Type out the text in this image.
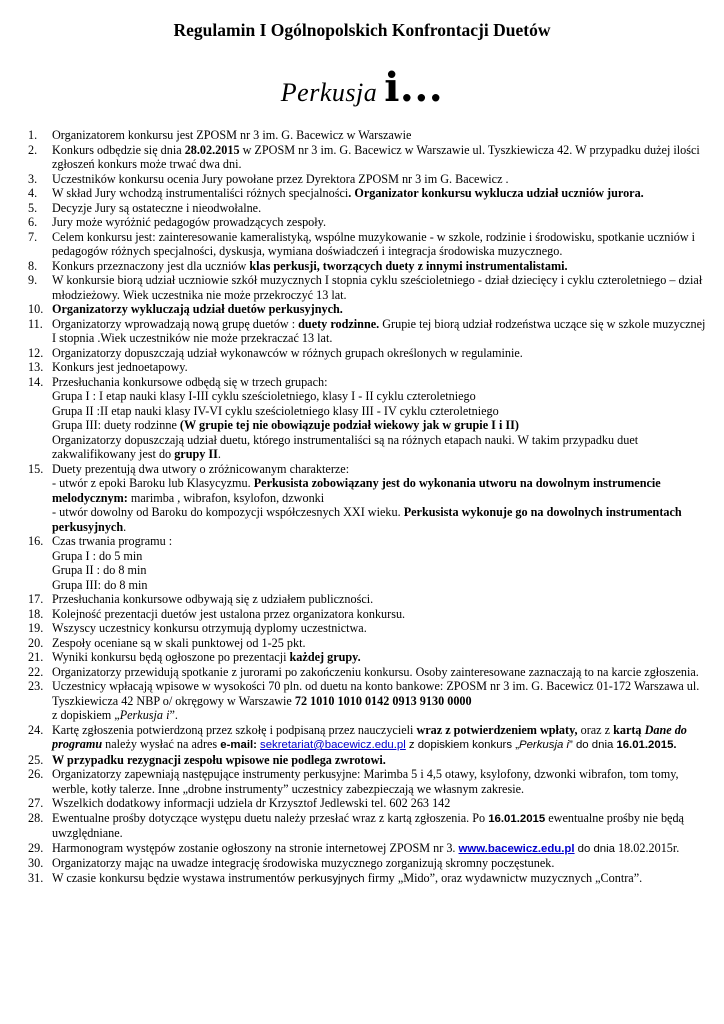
Regulamin I Ogólnopolskich Konfrontacji Duetów
Perkusja i...
1.	Organizatorem konkursu jest ZPOSM nr 3 im. G. Bacewicz w Warszawie
2.	Konkurs odbędzie się dnia 28.02.2015 w ZPOSM nr 3 im. G. Bacewicz w Warszawie ul. Tyszkiewicza 42. W przypadku dużej ilości zgłoszeń konkurs może trwać dwa dni.
3.	Uczestników konkursu ocenia Jury powołane przez Dyrektora ZPOSM nr 3 im G. Bacewicz .
4.	W skład Jury wchodzą instrumentaliści różnych specjalności. Organizator konkursu wyklucza udział uczniów jurora.
5.	Decyzje Jury są ostateczne i nieodwołalne.
6.	Jury może wyróżnić pedagogów prowadzących zespoły.
7.	Celem konkursu jest: zainteresowanie kameralistyką, wspólne muzykowanie - w szkole, rodzinie i środowisku, spotkanie uczniów i pedagogów różnych specjalności, dyskusja, wymiana doświadczeń i integracja środowiska muzycznego.
8.	Konkurs przeznaczony jest dla uczniów klas perkusji, tworzących duety z innymi instrumentalistami.
9.	W konkursie biorą udział uczniowie szkół muzycznych I stopnia cyklu sześcioletniego - dział dziecięcy i cyklu czteroletniego – dział młodzieżowy. Wiek uczestnika nie może przekroczyć 13 lat.
10. Organizatorzy wykluczają udział duetów perkusyjnych.
11. Organizatorzy wprowadzają nową grupę duetów : duety rodzinne. Grupie tej biorą udział rodzeństwa uczące się w szkole muzycznej I stopnia .Wiek uczestników nie może przekraczać 13 lat.
12. Organizatorzy dopuszczają udział wykonawców w różnych grupach określonych w regulaminie.
13. Konkurs jest jednoetapowy.
14. Przesłuchania konkursowe odbędą się w trzech grupach:
Grupa I : I etap nauki klasy I-III cyklu sześcioletniego, klasy I - II cyklu czteroletniego
Grupa II :II etap nauki klasy IV-VI cyklu sześcioletniego klasy III - IV cyklu czteroletniego
Grupa III: duety rodzinne (W grupie tej nie obowiązuje podział wiekowy jak w grupie I i II)
Organizatorzy dopuszczają udział duetu, którego instrumentaliści są na różnych etapach nauki. W takim przypadku duet zakwalifikowany jest do grupy II.
15. Duety prezentują dwa utwory o zróżnicowanym charakterze:
- utwór z epoki Baroku lub Klasycyzmu. Perkusista zobowiązany jest do wykonania utworu na dowolnym instrumencie melodycznym: marimba , wibrafon, ksylofon, dzwonki
- utwór dowolny od Baroku do kompozycji współczesnych XXI wieku. Perkusista wykonuje go na dowolnych instrumentach perkusyjnych.
16. Czas trwania programu :
Grupa I : do 5 min
Grupa II : do 8 min
Grupa III: do 8 min
17. Przesłuchania konkursowe odbywają się z udziałem publiczności.
18. Kolejność prezentacji duetów jest ustalona przez organizatora konkursu.
19. Wszyscy uczestnicy konkursu otrzymują dyplomy uczestnictwa.
20. Zespoły oceniane są w skali punktowej od 1-25 pkt.
21. Wyniki konkursu będą ogłoszone po prezentacji każdej grupy.
22. Organizatorzy przewidują spotkanie z jurorami po zakończeniu konkursu. Osoby zainteresowane zaznaczają to na karcie zgłoszenia.
23. Uczestnicy wpłacają wpisowe w wysokości 70 pln. od duetu na konto bankowe: ZPOSM nr 3 im. G. Bacewicz 01-172 Warszawa ul. Tyszkiewicza 42 NBP o/ okręgowy w Warszawie 72 1010 1010 0142 0913 9130 0000
z dopiskiem „Perkusja i”.
24. Kartę zgłoszenia potwierdzoną przez szkołę i podpisaną przez nauczycieli wraz z potwierdzeniem wpłaty, oraz z kartą Dane do programu należy wysłać na adres e-mail: sekretariat@bacewicz.edu.pl z dopiskiem konkurs „Perkusja i” do dnia 16.01.2015.
25. W przypadku rezygnacji zespołu wpisowe nie podlega zwrotowi.
26. Organizatorzy zapewniają następujące instrumenty perkusyjne: Marimba 5 i 4,5 otawy, ksylofony, dzwonki wibrafon, tom tomy, werble, kotły talerze. Inne „drobne instrumenty” uczestnicy zabezpieczają we własnym zakresie.
27. Wszelkich dodatkowy informacji udziela dr Krzysztof Jedlewski tel. 602 263 142
28. Ewentualne prośby dotyczące występu duetu należy przesłać wraz z kartą zgłoszenia. Po 16.01.2015 ewentualne prośby nie będą uwzględniane.
29. Harmonogram występów zostanie ogłoszony na stronie internetowej ZPOSM nr 3. www.bacewicz.edu.pl do dnia 18.02.2015r.
30. Organizatorzy mając na uwadze integrację środowiska muzycznego zorganizują skromny poczęstunek.
31. W czasie konkursu będzie wystawa instrumentów perkusyjnych firmy „Mido”, oraz wydawnictw muzycznych „Contra”.
